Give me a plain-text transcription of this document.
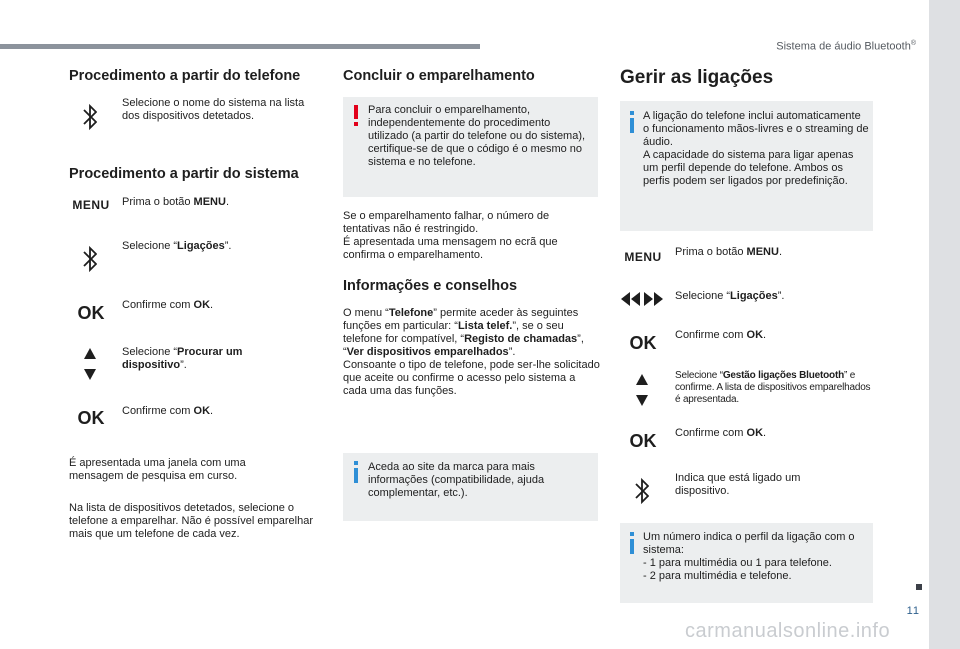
Sistema de áudio Bluetooth®
11
carmanualsonline.info
Procedimento a partir do telefone
Selecione o nome do sistema na lista dos dispositivos detetados.
Procedimento a partir do sistema
MENU	Prima o botão MENU.
Selecione “Ligações”.
OK	Confirme com OK.
Selecione “Procurar um dispositivo”.
OK	Confirme com OK.
É apresentada uma janela com uma mensagem de pesquisa em curso.
Na lista de dispositivos detetados, selecione o telefone a emparelhar. Não é possível emparelhar mais que um telefone de cada vez.
Concluir o emparelhamento
Para concluir o emparelhamento, independentemente do procedimento utilizado (a partir do telefone ou do sistema), certifique-se de que o código é o mesmo no sistema e no telefone.
Se o emparelhamento falhar, o número de tentativas não é restringido.
É apresentada uma mensagem no ecrã que confirma o emparelhamento.
Informações e conselhos
O menu “Telefone” permite aceder às seguintes funções em particular: “Lista telef.”, se o seu telefone for compatível, “Registo de chamadas”, “Ver dispositivos emparelhados”.
Consoante o tipo de telefone, pode ser-lhe solicitado que aceite ou confirme o acesso pelo sistema a cada uma das funções.
Aceda ao site da marca para mais informações (compatibilidade, ajuda complementar, etc.).
Gerir as ligações
A ligação do telefone inclui automaticamente o funcionamento mãos-livres e o streaming de áudio.
A capacidade do sistema para ligar apenas um perfil depende do telefone. Ambos os perfis podem ser ligados por predefinição.
MENU	Prima o botão MENU.
Selecione “Ligações”.
OK	Confirme com OK.
Selecione “Gestão ligações Bluetooth” e confirme. A lista de dispositivos emparelhados é apresentada.
OK	Confirme com OK.
Indica que está ligado um dispositivo.
Um número indica o perfil da ligação com o sistema:
- 1 para multimédia ou 1 para telefone.
- 2 para multimédia e telefone.
